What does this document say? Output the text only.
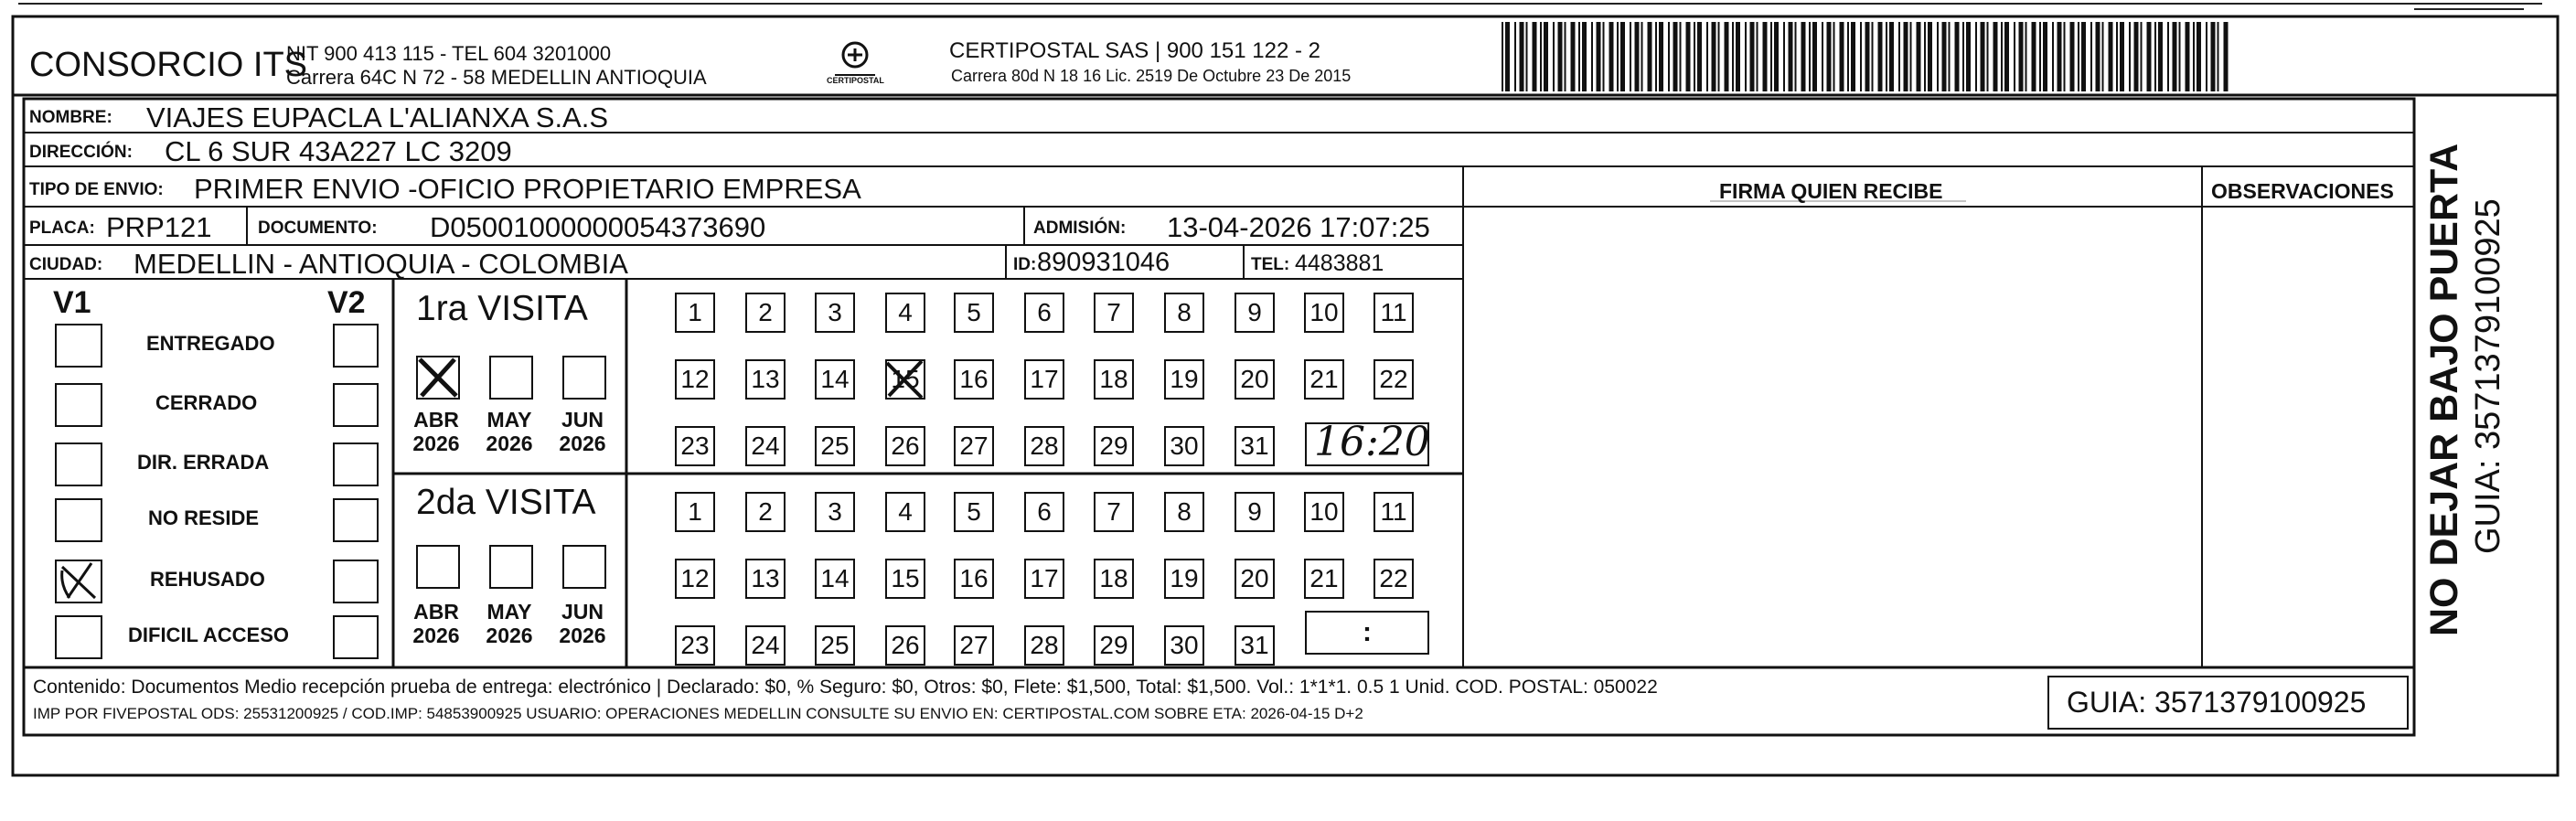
CONSORCIO ITS
NIT 900 413 115 - TEL 604 3201000
Carrera 64C N 72 - 58 MEDELLIN ANTIOQUIA	CERTIPOSTAL
CERTIPOSTAL SAS | 900 151 122 - 2
Carrera 80d N 18 16 Lic. 2519 De Octubre 23 De 2015
NOMBRE: VIAJES EUPACLA L'ALIANXA S.A.S
DIRECCIÓN: CL 6 SUR 43A227 LC 3209
TIPO DE ENVIO: PRIMER ENVIO -OFICIO PROPIETARIO EMPRESA
PLACA: PRP121	DOCUMENTO: D05001000000054373690	ADMISIÓN: 13-04-2026 17:07:25
CIUDAD: MEDELLIN - ANTIOQUIA - COLOMBIA	ID: 890931046	TEL: 4483881
FIRMA QUIEN RECIBE	OBSERVACIONES
V1	V2
ENTREGADO
CERRADO
DIR. ERRADA
NO RESIDE
REHUSADO
DIFICIL ACCESO
1ra VISITA
ABR
2026
MAY
2026
JUN
2026
1	2	3	4	5	6	7	8	9	10 11
12 13 14 15 16 17 18 19 20 21 22
23 24 25 26 27 28 29 30 31 16:20
2da VISITA
ABR
2026
MAY
2026
JUN
2026
1	2	3	4	5	6	7	8	9	10 11
12 13 14 15 16 17 18 19 20 21 22
23 24 25 26 27 28 29 30 31	:
Contenido: Documentos Medio recepción prueba de entrega: electrónico | Declarado: $0, % Seguro: $0, Otros: $0, Flete: $1,500, Total: $1,500. Vol.: 1*1*1. 0.5 1 Unid. COD. POSTAL: 050022
IMP POR FIVEPOSTAL ODS: 25531200925 / COD.IMP: 54853900925 USUARIO: OPERACIONES MEDELLIN CONSULTE SU ENVIO EN: CERTIPOSTAL.COM SOBRE ETA: 2026-04-15 D+2	GUIA: 3571379100925
NO DEJAR BAJO PUERTA GUIA: 3571379100925
